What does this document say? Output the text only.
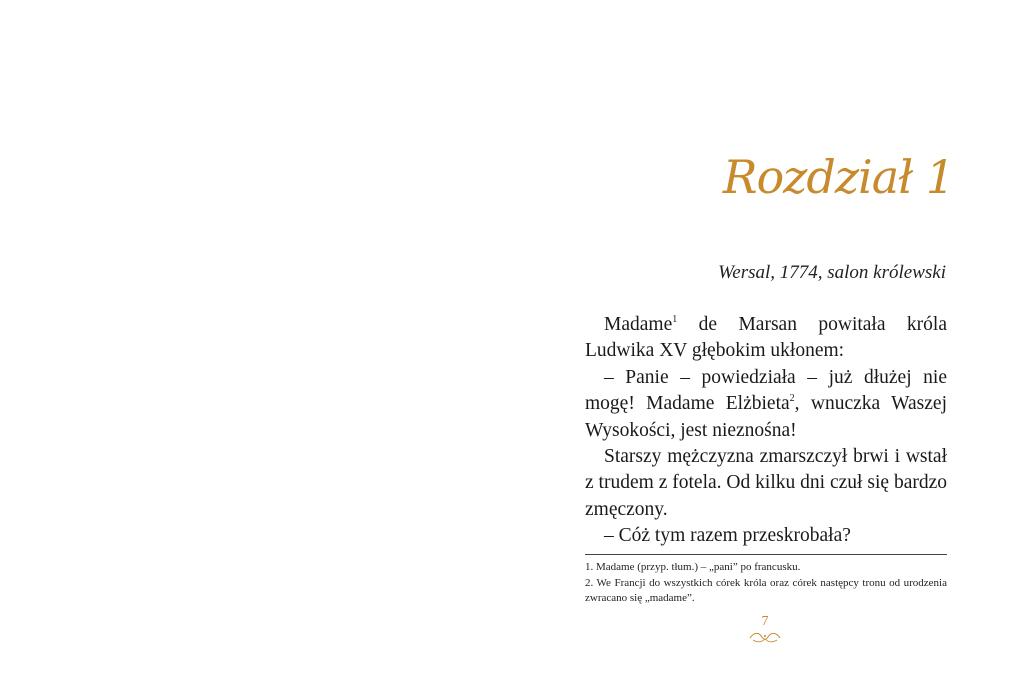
Rozdział 1
Wersal, 1774, salon królewski

Madame$^1$ de Marsan powitała króla Ludwika XV głębokim ukłonem:

– Panie – powiedziała – już dłużej nie mogę! Madame Elżbieta$^2$, wnuczka Waszej Wysokości, jest nieznośna!

Starszy mężczyzna zmarszczył brwi i wstał z trudem z fotela. Od kilku dni czuł się bardzo zmęczony.

– Cóż tym razem przeskrobała?

1. Madame (przyp. tłum.) – „pani” po francusku.

2. We Francji do wszystkich córek króla oraz córek następcy tronu od urodzenia zwracano się „madame”.

7
